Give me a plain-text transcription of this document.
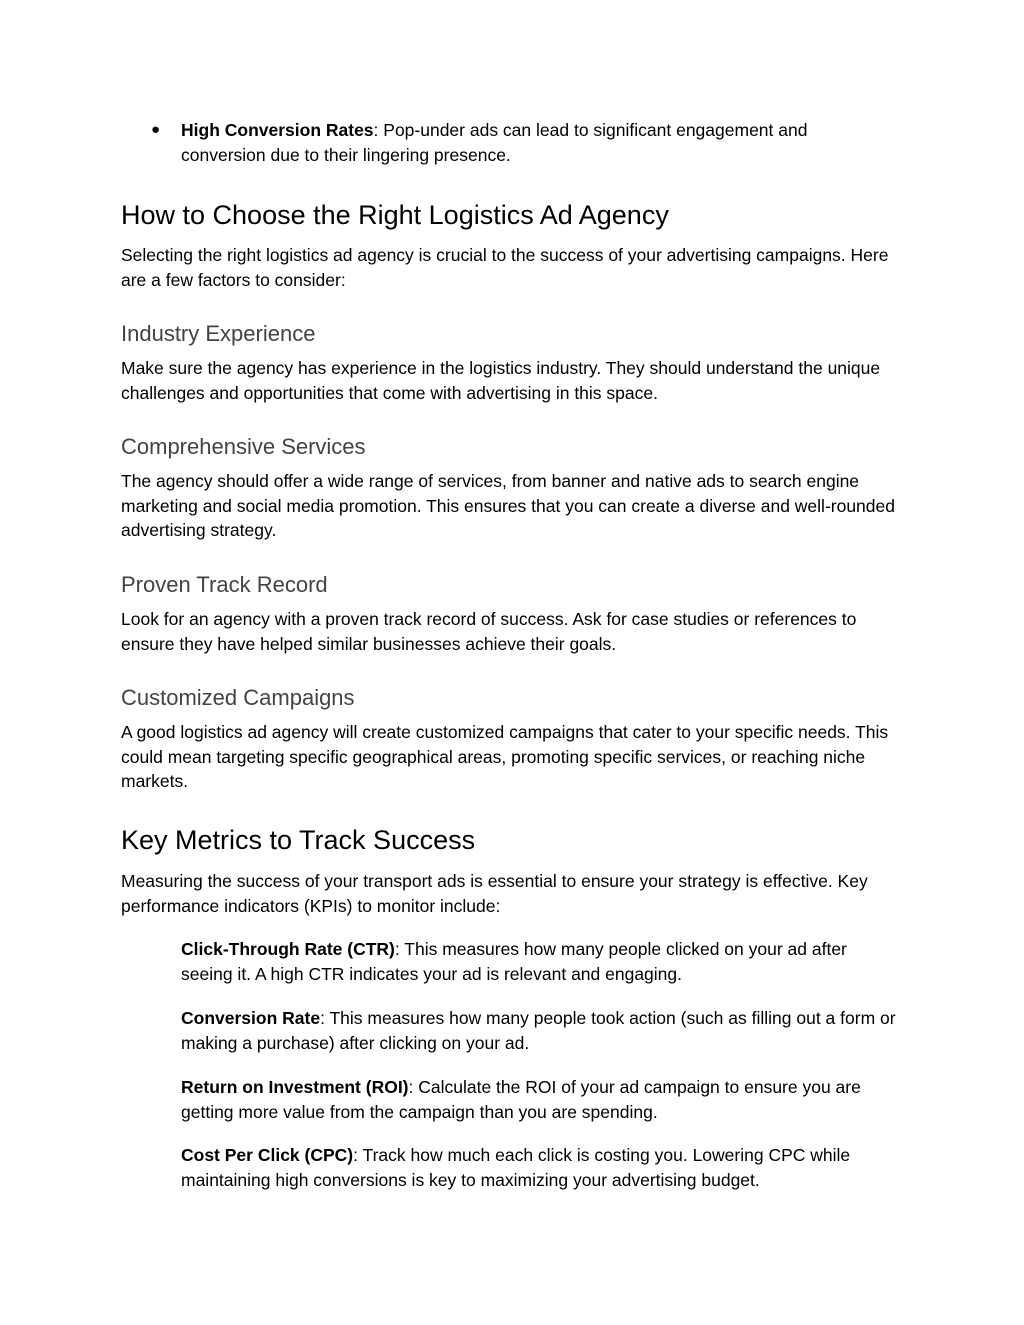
● High Conversion Rates: Pop-under ads can lead to significant engagement and conversion due to their lingering presence.
How to Choose the Right Logistics Ad Agency

Selecting the right logistics ad agency is crucial to the success of your advertising campaigns. Here are a few factors to consider:

Industry Experience

Make sure the agency has experience in the logistics industry. They should understand the unique challenges and opportunities that come with advertising in this space.

Comprehensive Services

The agency should offer a wide range of services, from banner and native ads to search engine marketing and social media promotion. This ensures that you can create a diverse and well-rounded advertising strategy.

Proven Track Record

Look for an agency with a proven track record of success. Ask for case studies or references to ensure they have helped similar businesses achieve their goals.

Customized Campaigns

A good logistics ad agency will create customized campaigns that cater to your specific needs. This could mean targeting specific geographical areas, promoting specific services, or reaching niche markets.

Key Metrics to Track Success

Measuring the success of your transport ads is essential to ensure your strategy is effective. Key performance indicators (KPIs) to monitor include:

Click-Through Rate (CTR): This measures how many people clicked on your ad after seeing it. A high CTR indicates your ad is relevant and engaging.

Conversion Rate: This measures how many people took action (such as filling out a form or making a purchase) after clicking on your ad.

Return on Investment (ROI): Calculate the ROI of your ad campaign to ensure you are getting more value from the campaign than you are spending.

Cost Per Click (CPC): Track how much each click is costing you. Lowering CPC while maintaining high conversions is key to maximizing your advertising budget.
